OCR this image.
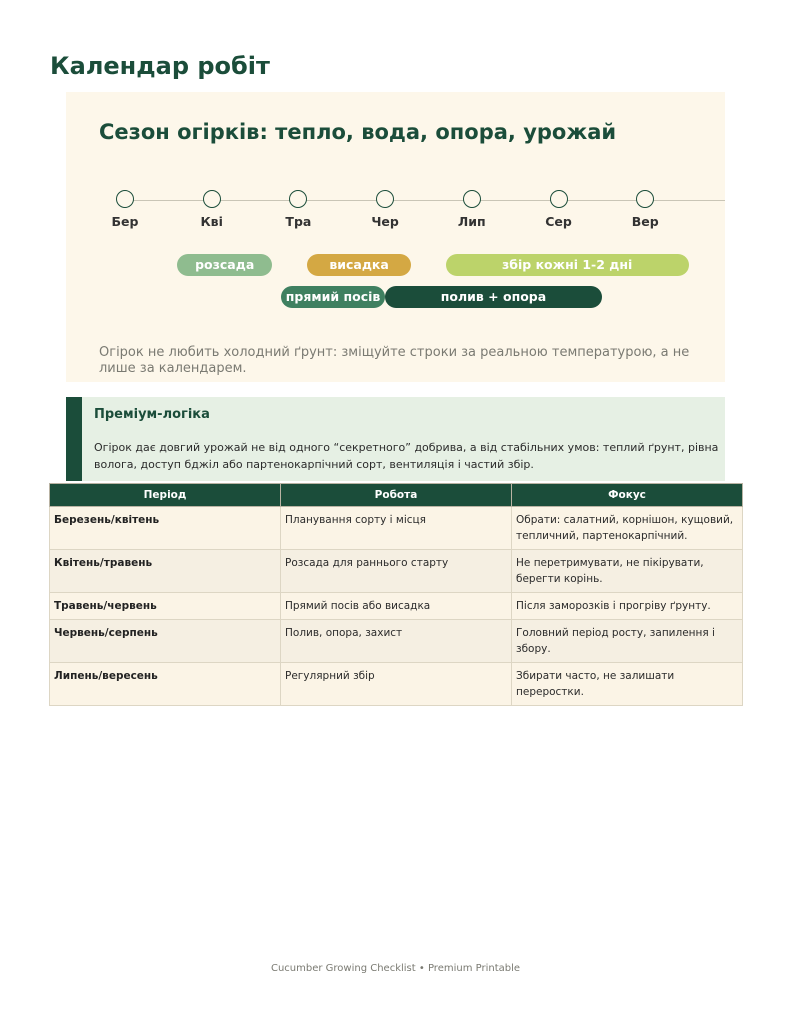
Календар робіт
Сезон огірків: тепло, вода, опора, урожай
Бер	Кві	Тра	Чер	Лип	Сер	Вер
розсада	висадка	збір кожні 1-2 дні
прямий посів	полив + опора

Огірок не любить холодний ґрунт: зміщуйте строки за реальною температурою, а не лише за календарем.

Преміум-логіка

Огірок дає довгий урожай не від одного “секретного” добрива, а від стабільних умов: теплий ґрунт, рівна волога, доступ бджіл або партенокарпічний сорт, вентиляція і частий збір.

Період	Робота	Фокус
Березень/квітень	Планування сорту і місця	Обрати: салатний, корнішон, кущовий, тепличний, партенокарпічний.
Квітень/травень	Розсада для раннього старту	Не перетримувати, не пікірувати, берегти корінь.
Травень/червень	Прямий посів або висадка	Після заморозків і прогріву ґрунту.
Червень/серпень	Полив, опора, захист	Головний період росту, запилення і збору.
Липень/вересень	Регулярний збір	Збирати часто, не залишати переростки.
Cucumber Growing Checklist • Premium Printable
